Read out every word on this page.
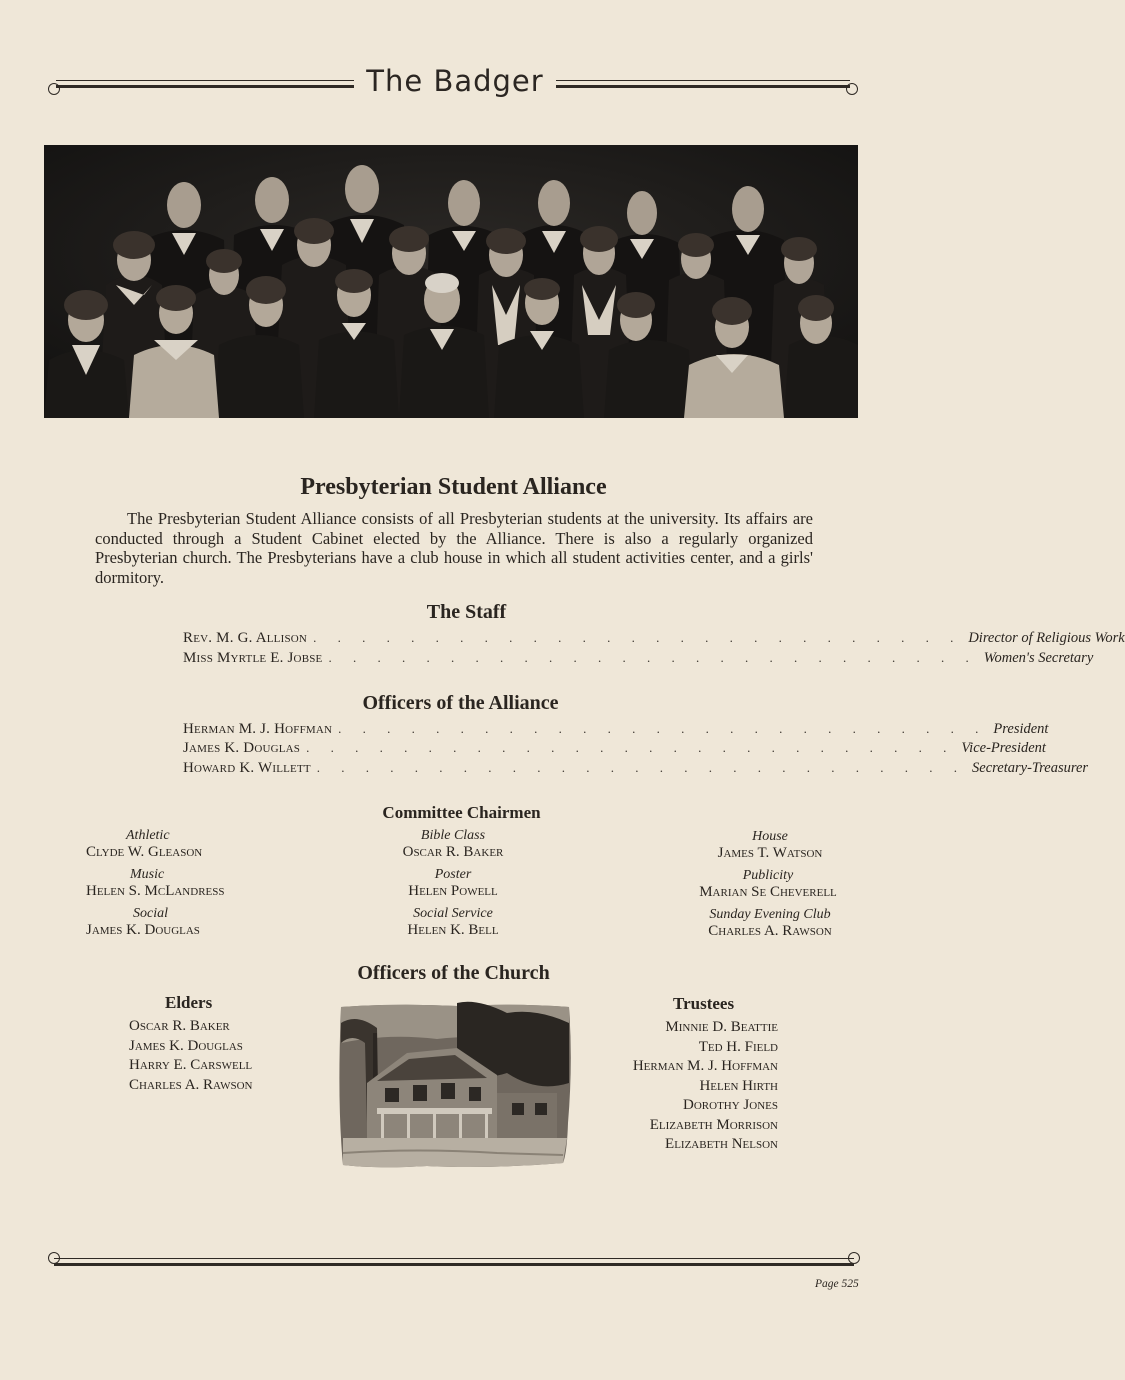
The Badger
Presbyterian Student Alliance
The Presbyterian Student Alliance consists of all Presbyterian students at the university. Its affairs are conducted through a Student Cabinet elected by the Alliance. There is also a regularly organized Presbyterian church. The Presbyterians have a club house in which all student activities center, and a girls' dormitory.
The Staff
Rev. M. G. Allison . . . . . . . . . . . . . . . . . . . . . . . . . . . Director of Religious Work
Miss Myrtle E. Jobse . . . . . . . . . . . . . . . . . . . . . . . . . . . Women's Secretary
Officers of the Alliance
Herman M. J. Hoffman . . . . . . . . . . . . . . . . . . . . . . . . . . . President
James K. Douglas . . . . . . . . . . . . . . . . . . . . . . . . . . . Vice-President
Howard K. Willett . . . . . . . . . . . . . . . . . . . . . . . . . . . Secretary-Treasurer
Committee Chairmen
Athletic
Clyde W. Gleason
Bible Class
Oscar R. Baker
House
James T. Watson
Music
Helen S. McLandress
Poster
Helen Powell
Publicity
Marian Se Cheverell
Social
James K. Douglas
Social Service
Helen K. Bell
Sunday Evening Club
Charles A. Rawson
Officers of the Church
Elders
Oscar R. Baker
James K. Douglas
Harry E. Carswell
Charles A. Rawson
Trustees
Minnie D. Beattie
Ted H. Field
Herman M. J. Hoffman
Helen Hirth
Dorothy Jones
Elizabeth Morrison
Elizabeth Nelson
Page 525
